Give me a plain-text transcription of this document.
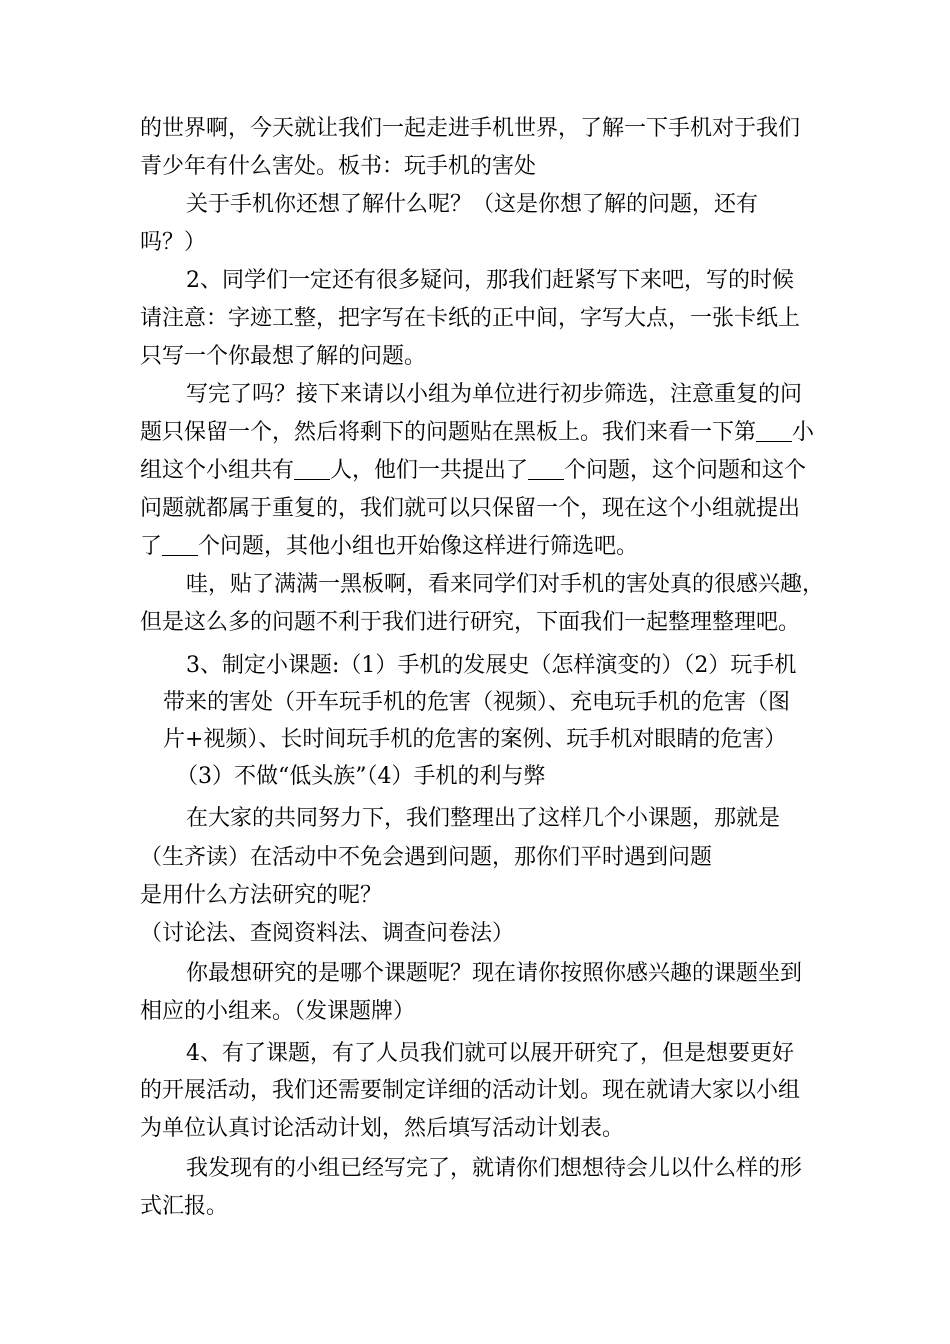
的世界啊，今天就让我们一起走进手机世界，了解一下手机对于我们
青少年有什么害处。板书：玩手机的害处
关于手机你还想了解什么呢？（这是你想了解的问题，还有
吗？）
2、同学们一定还有很多疑问，那我们赶紧写下来吧，写的时候
请注意：字迹工整，把字写在卡纸的正中间，字写大点，一张卡纸上
只写一个你最想了解的问题。
写完了吗？接下来请以小组为单位进行初步筛选，注意重复的问
题只保留一个，然后将剩下的问题贴在黑板上。我们来看一下第 小
组这个小组共有 人，他们一共提出了 个问题，这个问题和这个
问题就都属于重复的，我们就可以只保留一个，现在这个小组就提出
了 个问题，其他小组也开始像这样进行筛选吧。
哇，贴了满满一黑板啊，看来同学们对手机的害处真的很感兴趣，
但是这么多的问题不利于我们进行研究，下面我们一起整理整理吧。
3、制定小课题:（1）手机的发展史（怎样演变的）（2）玩手机
带来的害处（开车玩手机的危害（视频）、充电玩手机的危害（图
片+视频）、长时间玩手机的危害的案例、玩手机对眼睛的危害）
（3）不做“低头族”（4）手机的利与弊
在大家的共同努力下，我们整理出了这样几个小课题，那就是
（生齐读）在活动中不免会遇到问题，那你们平时遇到问题
是用什么方法研究的呢？
（讨论法、查阅资料法、调查问卷法）
你最想研究的是哪个课题呢？现在请你按照你感兴趣的课题坐到
相应的小组来。（发课题牌）
4、有了课题，有了人员我们就可以展开研究了，但是想要更好
的开展活动，我们还需要制定详细的活动计划。现在就请大家以小组
为单位认真讨论活动计划，然后填写活动计划表。
我发现有的小组已经写完了，就请你们想想待会儿以什么样的形
式汇报。
